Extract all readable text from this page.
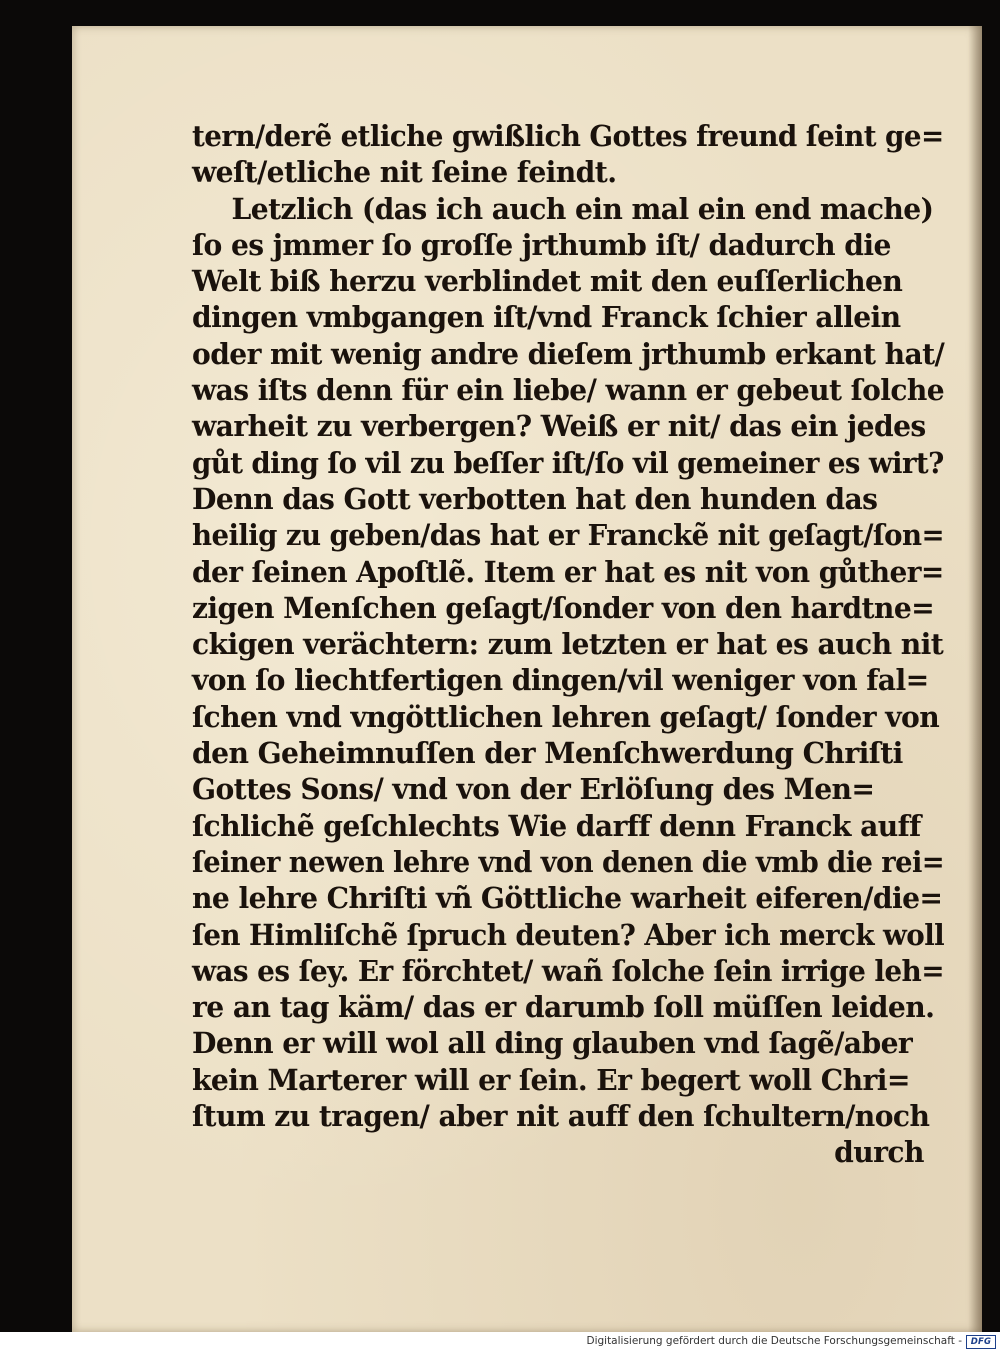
tern/derẽ etliche gwißlich Gottes freund ſeint ge=
weſt/etliche nit ſeine feindt.
Letzlich (das ich auch ein mal ein end mache)
ſo es jmmer ſo groſſe jrthumb iſt/ dadurch die
Welt biß herzu verblindet mit den euſſerlichen
dingen vmbgangen iſt/vnd Franck ſchier allein
oder mit wenig andre dieſem jrthumb erkant hat/
was iſts denn für ein liebe/ wann er gebeut ſolche
warheit zu verbergen? Weiß er nit/ das ein jedes
gůt ding ſo vil zu beſſer iſt/ſo vil gemeiner es wirt?
Denn das Gott verbotten hat den hunden das
heilig zu geben/das hat er Franckẽ nit geſagt/ſon=
der ſeinen Apoſtlẽ. Item er hat es nit von gůther=
zigen Menſchen geſagt/ſonder von den hardtne=
ckigen verächtern: zum letzten er hat es auch nit
von ſo liechtfertigen dingen/vil weniger von fal=
ſchen vnd vngöttlichen lehren geſagt/ ſonder von
den Geheimnuſſen der Menſchwerdung Chriſti
Gottes Sons/ vnd von der Erlöſung des Men=
ſchlichẽ geſchlechts Wie darff denn Franck auff
ſeiner newen lehre vnd von denen die vmb die rei=
ne lehre Chriſti vñ Göttliche warheit eiferen/die=
ſen Himliſchẽ ſpruch deuten? Aber ich merck woll
was es ſey. Er förchtet/ wañ ſolche ſein irrige leh=
re an tag käm/ das er darumb ſoll müſſen leiden.
Denn er will wol all ding glauben vnd ſagẽ/aber
kein Marterer will er ſein. Er begert woll Chri=
ſtum zu tragen/ aber nit auff den ſchultern/noch
durch
Digitalisierung gefördert durch die Deutsche Forschungsgemeinschaft -	DFG
